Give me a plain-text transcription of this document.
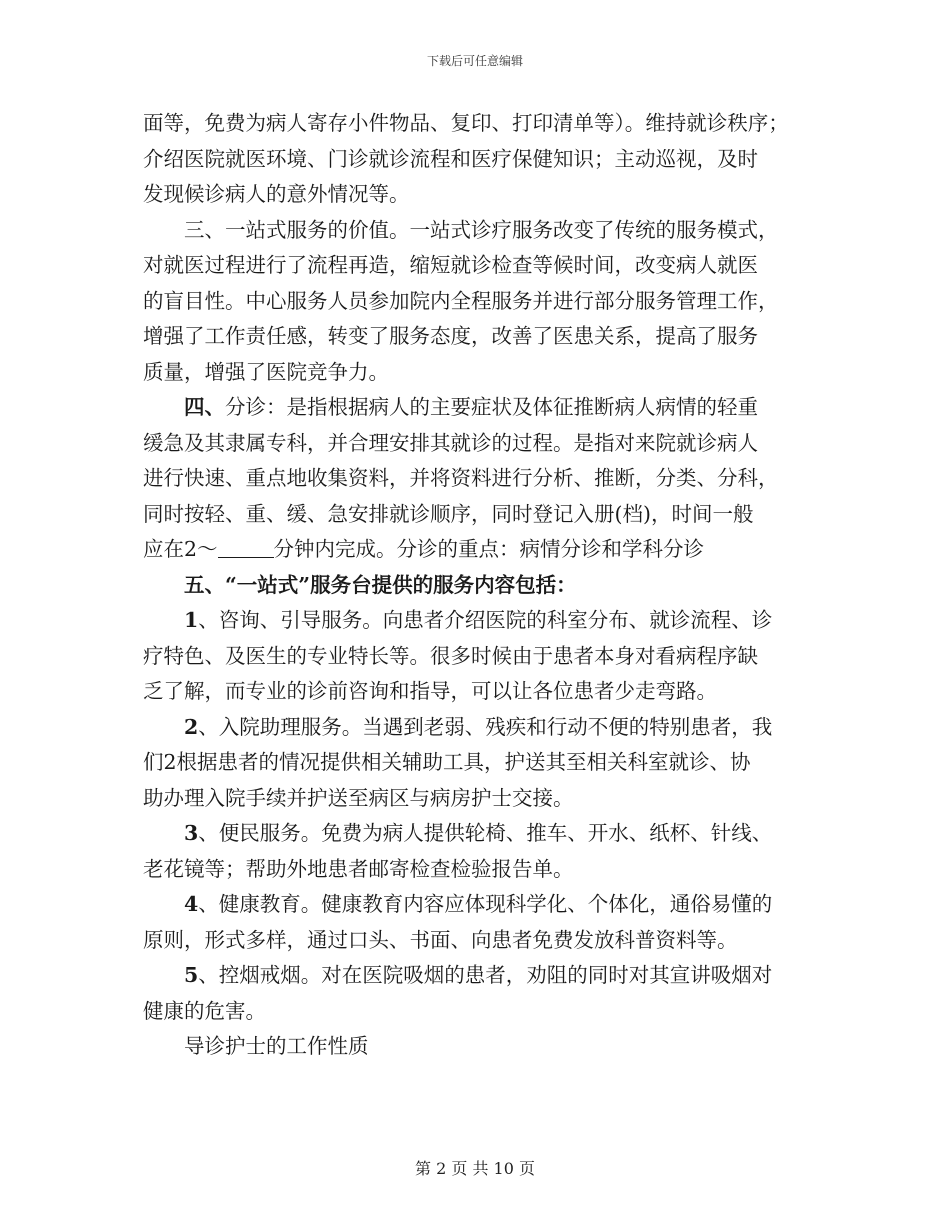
下载后可任意编辑
面等，免费为病人寄存小件物品、复印、打印清单等）。维持就诊秩序；
介绍医院就医环境、门诊就诊流程和医疗保健知识；主动巡视，及时
发现候诊病人的意外情况等。
三、一站式服务的价值。一站式诊疗服务改变了传统的服务模式，
对就医过程进行了流程再造，缩短就诊检查等候时间，改变病人就医
的盲目性。中心服务人员参加院内全程服务并进行部分服务管理工作，
增强了工作责任感，转变了服务态度，改善了医患关系，提高了服务
质量，增强了医院竞争力。
四、分诊：是指根据病人的主要症状及体征推断病人病情的轻重
缓急及其隶属专科，并合理安排其就诊的过程。是指对来院就诊病人
进行快速、重点地收集资料，并将资料进行分析、推断，分类、分科，
同时按轻、重、缓、急安排就诊顺序，同时登记入册(档)，时间一般
应在2～	分钟内完成。分诊的重点：病情分诊和学科分诊
五、“一站式”服务台提供的服务内容包括：
1、咨询、引导服务。向患者介绍医院的科室分布、就诊流程、诊
疗特色、及医生的专业特长等。很多时候由于患者本身对看病程序缺
乏了解，而专业的诊前咨询和指导，可以让各位患者少走弯路。
2、入院助理服务。当遇到老弱、残疾和行动不便的特别患者，我
们2根据患者的情况提供相关辅助工具，护送其至相关科室就诊、协
助办理入院手续并护送至病区与病房护士交接。
3、便民服务。免费为病人提供轮椅、推车、开水、纸杯、针线、
老花镜等；帮助外地患者邮寄检查检验报告单。
4、健康教育。健康教育内容应体现科学化、个体化，通俗易懂的
原则，形式多样，通过口头、书面、向患者免费发放科普资料等。
5、控烟戒烟。对在医院吸烟的患者，劝阻的同时对其宣讲吸烟对
健康的危害。
导诊护士的工作性质
第 2 页 共 10 页
